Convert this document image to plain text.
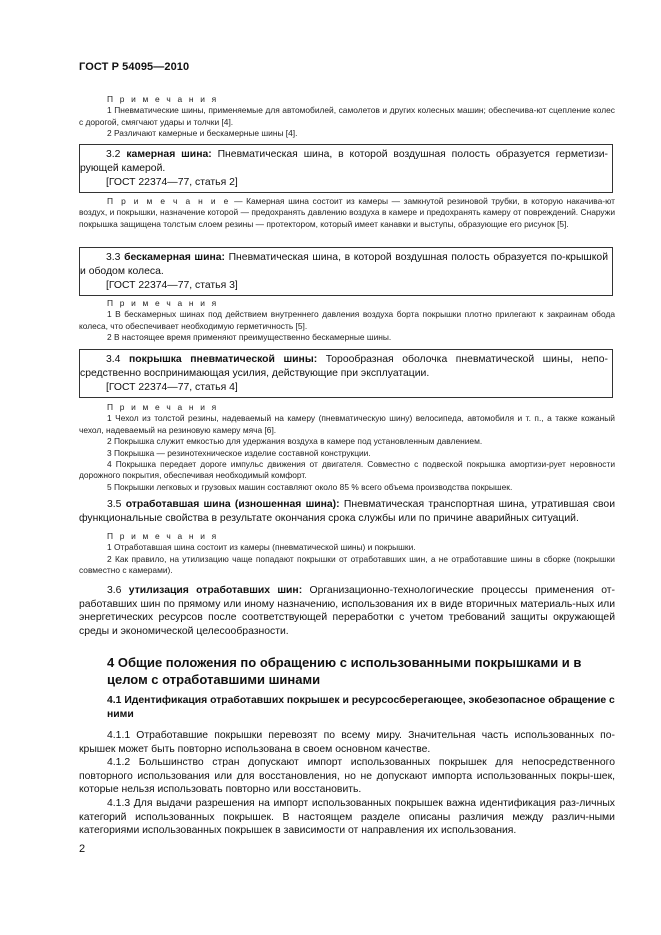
ГОСТ Р 54095—2010
П р и м е ч а н и я
1 Пневматические шины, применяемые для автомобилей, самолетов и других колесных машин; обеспечива-ют сцепление колес с дорогой, смягчают удары и толчки [4].
2 Различают камерные и бескамерные шины [4].
3.2 камерная шина: Пневматическая шина, в которой воздушная полость образуется герметизи-рующей камерой.
[ГОСТ 22374—77, статья 2]
П р и м е ч а н и е — Камерная шина состоит из камеры — замкнутой резиновой трубки, в которую накачива-ют воздух, и покрышки, назначение которой — предохранять давлению воздуха в камере и предохранять камеру от повреждений. Снаружи покрышка защищена толстым слоем резины — протектором, который имеет канавки и выступы, образующие его рисунок [5].
3.3 бескамерная шина: Пневматическая шина, в которой воздушная полость образуется по-крышкой и ободом колеса.
[ГОСТ 22374—77, статья 3]
П р и м е ч а н и я
1 В бескамерных шинах под действием внутреннего давления воздуха борта покрышки плотно прилегают к закраинам обода колеса, что обеспечивает необходимую герметичность [5].
2 В настоящее время применяют преимущественно бескамерные шины.
3.4 покрышка пневматической шины: Торообразная оболочка пневматической шины, непо-средственно воспринимающая усилия, действующие при эксплуатации.
[ГОСТ 22374—77, статья 4]
П р и м е ч а н и я
1 Чехол из толстой резины, надеваемый на камеру (пневматическую шину) велосипеда, автомобиля и т. п., а также кожаный чехол, надеваемый на резиновую камеру мяча [6].
2 Покрышка служит емкостью для удержания воздуха в камере под установленным давлением.
3 Покрышка — резинотехническое изделие составной конструкции.
4 Покрышка передает дороге импульс движения от двигателя. Совместно с подвеской покрышка амортизи-рует неровности дорожного покрытия, обеспечивая необходимый комфорт.
5 Покрышки легковых и грузовых машин составляют около 85 % всего объема производства покрышек.
3.5 отработавшая шина (изношенная шина): Пневматическая транспортная шина, утратившая свои функциональные свойства в результате окончания срока службы или по причине аварийных ситуаций.
П р и м е ч а н и я
1 Отработавшая шина состоит из камеры (пневматической шины) и покрышки.
2 Как правило, на утилизацию чаще попадают покрышки от отработавших шин, а не отработавшие шины в сборке (покрышки совместно с камерами).
3.6 утилизация отработавших шин: Организационно-технологические процессы применения от-работавших шин по прямому или иному назначению, использования их в виде вторичных материаль-ных или энергетических ресурсов после соответствующей переработки с учетом требований защиты окружающей среды и экономической целесообразности.
4 Общие положения по обращению с использованными покрышками и в целом с отработавшими шинами
4.1 Идентификация отработавших покрышек и ресурсосберегающее, экобезопасное обращение с ними
4.1.1 Отработавшие покрышки перевозят по всему миру. Значительная часть использованных по-крышек может быть повторно использована в своем основном качестве.
4.1.2 Большинство стран допускают импорт использованных покрышек для непосредственного повторного использования или для восстановления, но не допускают импорта использованных покры-шек, которые нельзя использовать повторно или восстановить.
4.1.3 Для выдачи разрешения на импорт использованных покрышек важна идентификация раз-личных категорий использованных покрышек. В настоящем разделе описаны различия между различ-ными категориями использованных покрышек в зависимости от направления их использования.
2
